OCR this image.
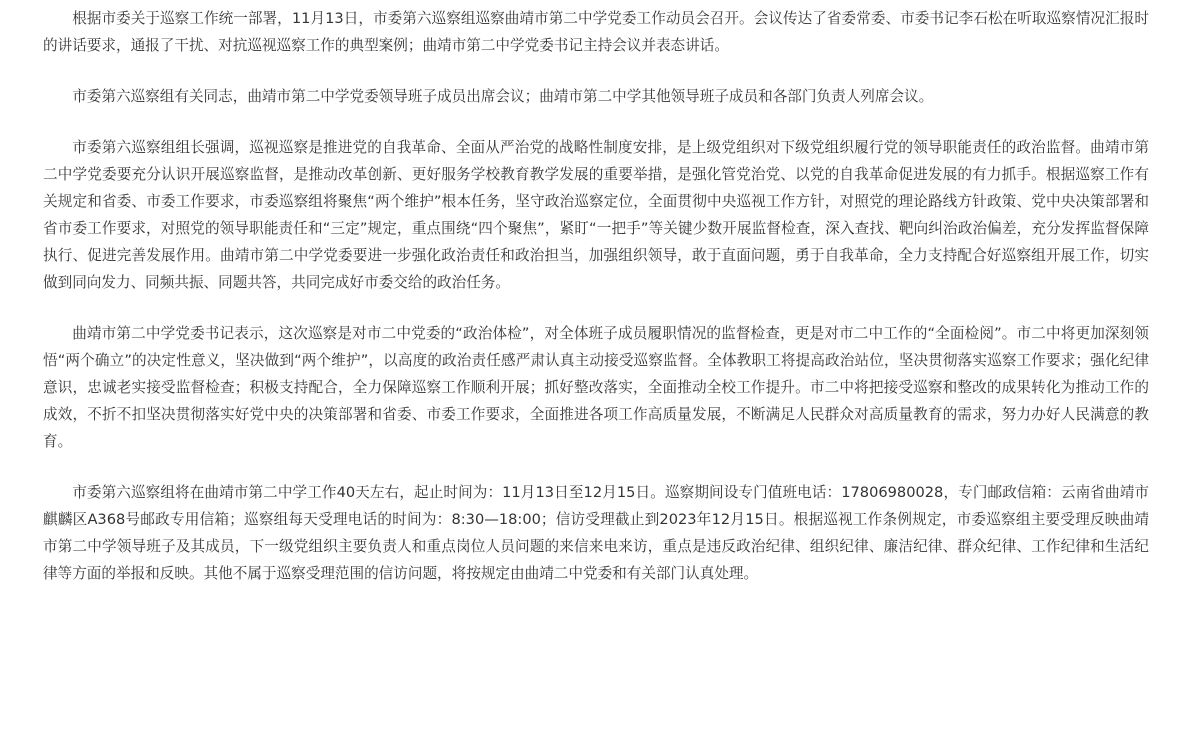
根据市委关于巡察工作统一部署，11月13日，市委第六巡察组巡察曲靖市第二中学党委工作动员会召开。会议传达了省委常委、市委书记李石松在听取巡察情况汇报时的讲话要求，通报了干扰、对抗巡视巡察工作的典型案例；曲靖市第二中学党委书记主持会议并表态讲话。

市委第六巡察组有关同志，曲靖市第二中学党委领导班子成员出席会议；曲靖市第二中学其他领导班子成员和各部门负责人列席会议。

市委第六巡察组组长强调，巡视巡察是推进党的自我革命、全面从严治党的战略性制度安排，是上级党组织对下级党组织履行党的领导职能责任的政治监督。曲靖市第二中学党委要充分认识开展巡察监督，是推动改革创新、更好服务学校教育教学发展的重要举措，是强化管党治党、以党的自我革命促进发展的有力抓手。根据巡察工作有关规定和省委、市委工作要求，市委巡察组将聚焦“两个维护”根本任务，坚守政治巡察定位，全面贯彻中央巡视工作方针，对照党的理论路线方针政策、党中央决策部署和省市委工作要求，对照党的领导职能责任和“三定”规定，重点围绕“四个聚焦”，紧盯“一把手”等关键少数开展监督检查，深入查找、靶向纠治政治偏差，充分发挥监督保障执行、促进完善发展作用。曲靖市第二中学党委要进一步强化政治责任和政治担当，加强组织领导，敢于直面问题，勇于自我革命，全力支持配合好巡察组开展工作，切实做到同向发力、同频共振、同题共答，共同完成好市委交给的政治任务。

曲靖市第二中学党委书记表示，这次巡察是对市二中党委的“政治体检”，对全体班子成员履职情况的监督检查，更是对市二中工作的“全面检阅”。市二中将更加深刻领悟“两个确立”的决定性意义，坚决做到“两个维护”，以高度的政治责任感严肃认真主动接受巡察监督。全体教职工将提高政治站位，坚决贯彻落实巡察工作要求；强化纪律意识，忠诚老实接受监督检查；积极支持配合，全力保障巡察工作顺利开展；抓好整改落实，全面推动全校工作提升。市二中将把接受巡察和整改的成果转化为推动工作的成效，不折不扣坚决贯彻落实好党中央的决策部署和省委、市委工作要求，全面推进各项工作高质量发展，不断满足人民群众对高质量教育的需求，努力办好人民满意的教育。

市委第六巡察组将在曲靖市第二中学工作40天左右，起止时间为：11月13日至12月15日。巡察期间设专门值班电话：17806980028，专门邮政信箱：云南省曲靖市麒麟区A368号邮政专用信箱；巡察组每天受理电话的时间为：8:30—18:00；信访受理截止到2023年12月15日。根据巡视工作条例规定，市委巡察组主要受理反映曲靖市第二中学领导班子及其成员，下一级党组织主要负责人和重点岗位人员问题的来信来电来访，重点是违反政治纪律、组织纪律、廉洁纪律、群众纪律、工作纪律和生活纪律等方面的举报和反映。其他不属于巡察受理范围的信访问题，将按规定由曲靖二中党委和有关部门认真处理。
